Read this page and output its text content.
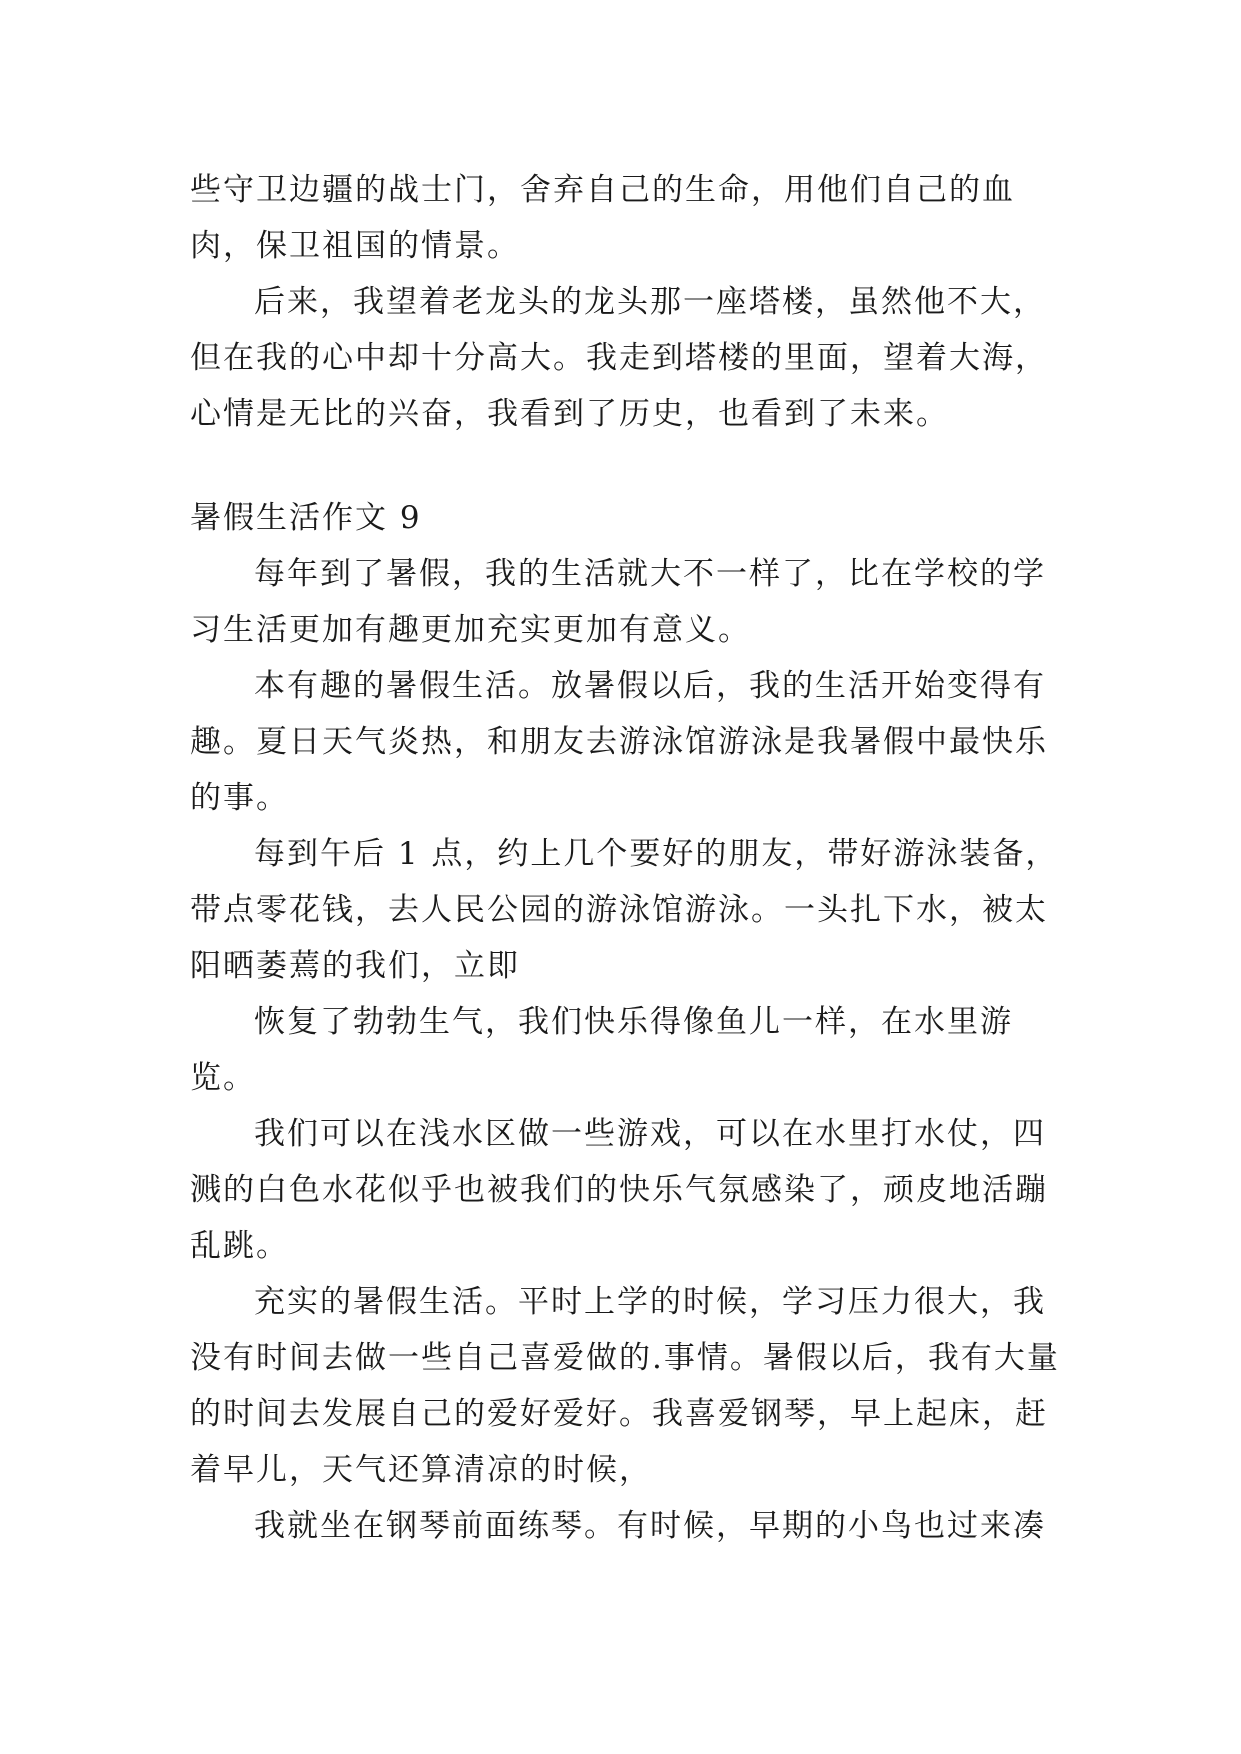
些守卫边疆的战士门，舍弃自己的生命，用他们自己的血肉，保卫祖国的情景。

后来，我望着老龙头的龙头那一座塔楼，虽然他不大，但在我的心中却十分高大。我走到塔楼的里面，望着大海，心情是无比的兴奋，我看到了历史，也看到了未来。

暑假生活作文 9

每年到了暑假，我的生活就大不一样了，比在学校的学习生活更加有趣更加充实更加有意义。

本有趣的暑假生活。放暑假以后，我的生活开始变得有趣。夏日天气炎热，和朋友去游泳馆游泳是我暑假中最快乐的事。

每到午后 1 点，约上几个要好的朋友，带好游泳装备，带点零花钱，去人民公园的游泳馆游泳。一头扎下水，被太阳晒萎蔫的我们，立即

恢复了勃勃生气，我们快乐得像鱼儿一样，在水里游览。

我们可以在浅水区做一些游戏，可以在水里打水仗，四溅的白色水花似乎也被我们的快乐气氛感染了，顽皮地活蹦乱跳。

充实的暑假生活。平时上学的时候，学习压力很大，我没有时间去做一些自己喜爱做的.事情。暑假以后，我有大量的时间去发展自己的爱好爱好。我喜爱钢琴，早上起床，赶着早儿，天气还算清凉的时候，

我就坐在钢琴前面练琴。有时候，早期的小鸟也过来凑
